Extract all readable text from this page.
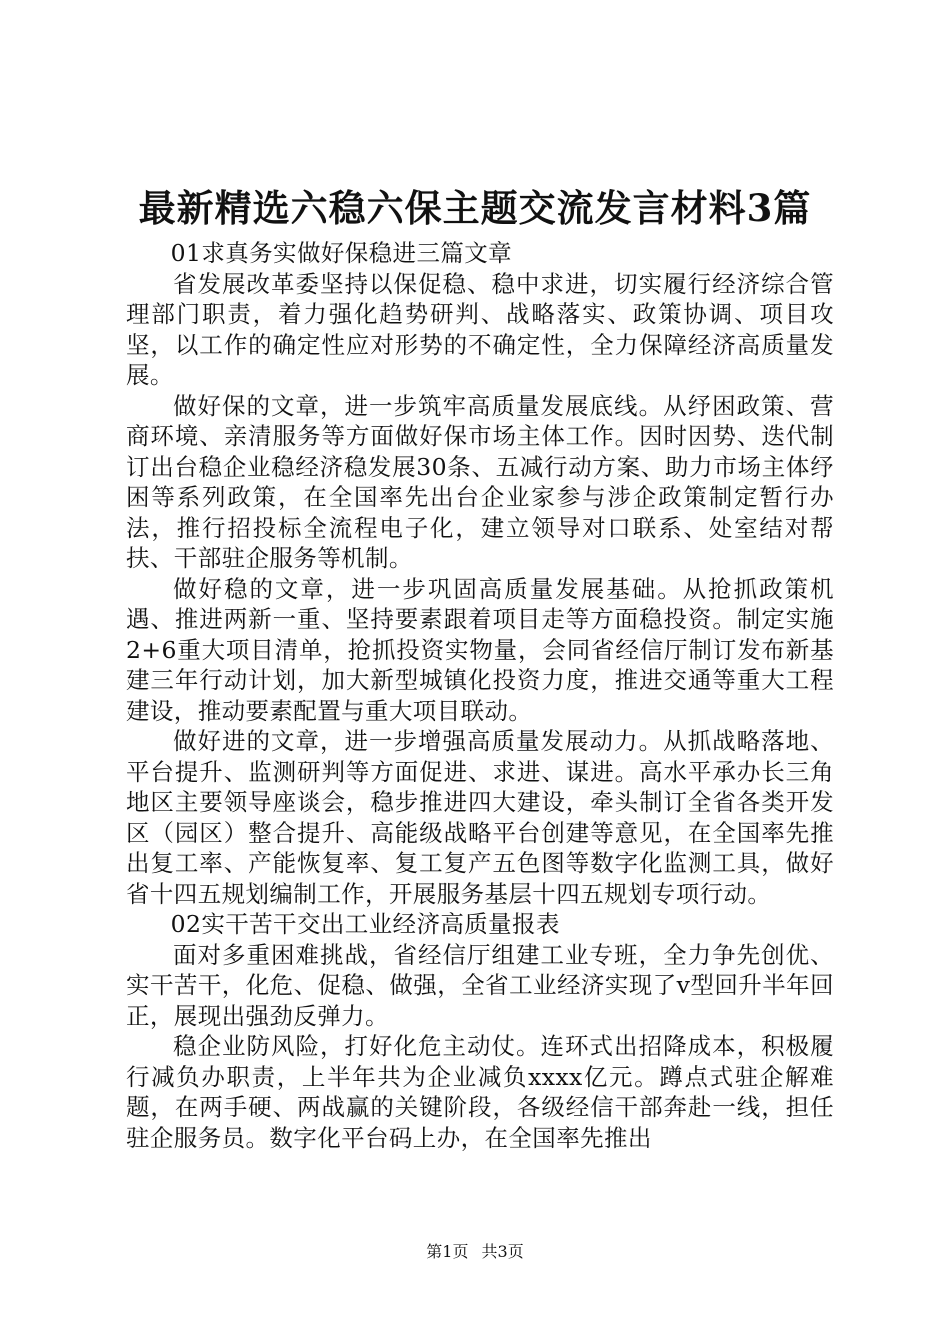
最新精选六稳六保主题交流发言材料3篇

01求真务实做好保稳进三篇文章

省发展改革委坚持以保促稳、稳中求进，切实履行经济综合管理部门职责，着力强化趋势研判、战略落实、政策协调、项目攻坚，以工作的确定性应对形势的不确定性，全力保障经济高质量发展。

做好保的文章，进一步筑牢高质量发展底线。从纾困政策、营商环境、亲清服务等方面做好保市场主体工作。因时因势、迭代制订出台稳企业稳经济稳发展30条、五减行动方案、助力市场主体纾困等系列政策，在全国率先出台企业家参与涉企政策制定暂行办法，推行招投标全流程电子化，建立领导对口联系、处室结对帮扶、干部驻企服务等机制。

做好稳的文章，进一步巩固高质量发展基础。从抢抓政策机遇、推进两新一重、坚持要素跟着项目走等方面稳投资。制定实施2+6重大项目清单，抢抓投资实物量，会同省经信厅制订发布新基建三年行动计划，加大新型城镇化投资力度，推进交通等重大工程建设，推动要素配置与重大项目联动。

做好进的文章，进一步增强高质量发展动力。从抓战略落地、平台提升、监测研判等方面促进、求进、谋进。高水平承办长三角地区主要领导座谈会，稳步推进四大建设，牵头制订全省各类开发区（园区）整合提升、高能级战略平台创建等意见，在全国率先推出复工率、产能恢复率、复工复产五色图等数字化监测工具，做好省十四五规划编制工作，开展服务基层十四五规划专项行动。

02实干苦干交出工业经济高质量报表

面对多重困难挑战，省经信厅组建工业专班，全力争先创优、实干苦干，化危、促稳、做强，全省工业经济实现了v型回升半年回正，展现出强劲反弹力。

稳企业防风险，打好化危主动仗。连环式出招降成本，积极履行减负办职责，上半年共为企业减负xxxx亿元。蹲点式驻企解难题，在两手硬、两战赢的关键阶段，各级经信干部奔赴一线，担任驻企服务员。数字化平台码上办，在全国率先推出

第1页 共3页
